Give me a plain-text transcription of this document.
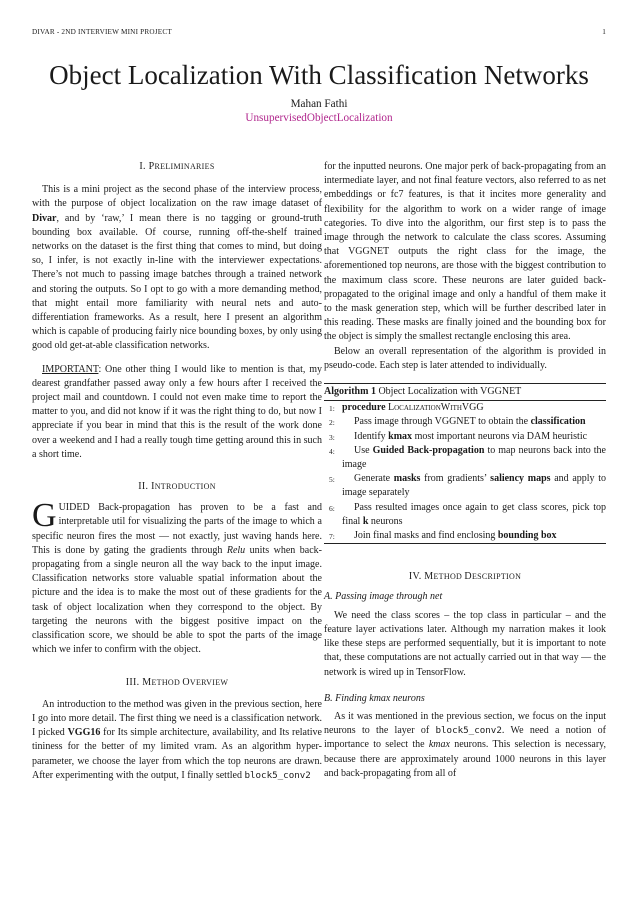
DIVAR - 2ND INTERVIEW MINI PROJECT	1
Object Localization With Classification Networks
Mahan Fathi
UnsupervisedObjectLocalization
I. PRELIMINARIES

This is a mini project as the second phase of the interview process, with the purpose of object localization on the raw image dataset of Divar, and by ‘raw,’ I mean there is no tagging or ground-truth bounding box available. Of course, running off-the-shelf trained networks on the dataset is the first thing that comes to mind, but doing so, I infer, is not exactly in-line with the interviewer expectations. There’s not much to passing image batches through a trained network and storing the outputs. So I opt to go with a more demanding method, that might entail more familiarity with neural nets and auto-differentiation frameworks. As a result, here I present an algorithm which is capable of producing fairly nice bounding boxes, by only using good old get-at-able classification networks.

IMPORTANT: One other thing I would like to mention is that, my dearest grandfather passed away only a few hours after I received the project mail and countdown. I could not even make time to report the matter to you, and did not know if it was the right thing to do, but now I appreciate if you bear in mind that this is the result of the work done over a weekend and I had a really tough time getting around this in such a short time.

II. INTRODUCTION

GUIDED Back-propagation has proven to be a fast and interpretable util for visualizing the parts of the image to which a specific neuron fires the most — not exactly, just waving hands here. This is done by gating the gradients through Relu units when back-propagating from a single neuron all the way back to the input image. Classification networks store valuable spatial information about the picture and the idea is to make the most out of these gradients for the task of object localization when they correspond to the object. By targeting the neurons with the biggest positive impact on the classification score, we should be able to spot the parts of the image which we infer to confirm with the object.

III. METHOD OVERVIEW

An introduction to the method was given in the previous section, here I go into more detail. The first thing we need is a classification network. I picked VGG16 for Its simple architecture, availability, and Its relative tininess for the better of my limited vram. As an algorithm hyper-parameter, we choose the layer from which the top neurons are drawn. After experimenting with the output, I finally settled block5_conv2

for the inputted neurons. One major perk of back-propagating from an intermediate layer, and not final feature vectors, also referred to as net embeddings or fc7 features, is that it incites more generality and flexibility for the algorithm to work on a wider range of image categories. To dive into the algorithm, our first step is to pass the image through the network to calculate the class scores. Assuming that VGGNET outputs the right class for the image, the aforementioned top neurons, are those with the biggest contribution to the maximum class score. These neurons are later guided back-propagated to the original image and only a handful of them make it to the mask generation step, which will be further described later in this reading. These masks are finally joined and the bounding box for the object is simply the smallest rectangle enclosing this area.

Below an overall representation of the algorithm is provided in pseudo-code. Each step is later attended to individually.

Algorithm 1 Object Localization with VGGNET
1: procedure LocalizationWithVGG
2:	Pass image through VGGNET to obtain the classification
3:	Identify kmax most important neurons via DAM heuristic
4:	Use Guided Back-propagation to map neurons back into the image
5:	Generate masks from gradients’ saliency maps and apply to image separately
6:	Pass resulted images once again to get class scores, pick top final k neurons
7:	Join final masks and find enclosing bounding box
IV. METHOD DESCRIPTION
A. Passing image through net

We need the class scores – the top class in particular – and the feature layer activations later. Although my narration makes it look like these steps are performed sequentially, but it is important to note that, these computations are not actually carried out in that way — the network is wired up in TensorFlow.

B. Finding kmax neurons

As it was mentioned in the previous section, we focus on the input neurons to the layer of block5_conv2. We need a notion of importance to select the kmax neurons. This selection is necessary, because there are approximately around 1000 neurons in this layer and back-propagating from all of
